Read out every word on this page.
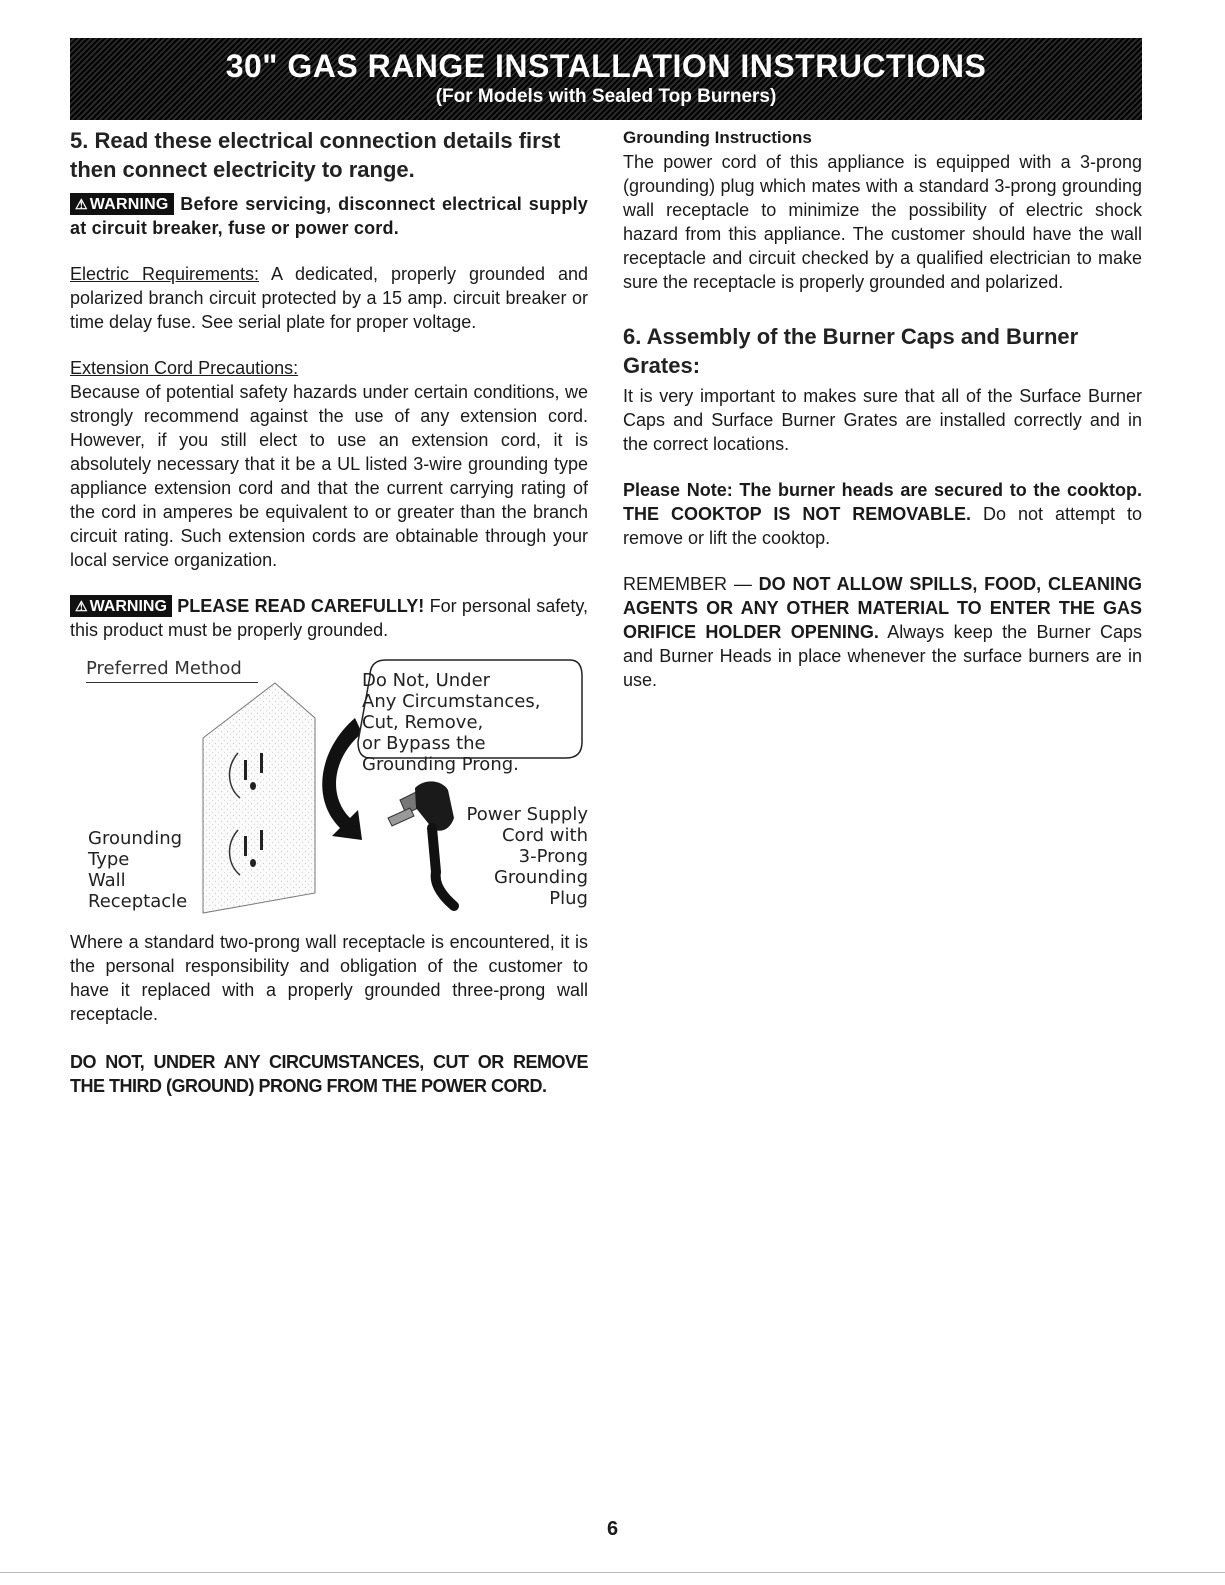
30" GAS RANGE INSTALLATION INSTRUCTIONS
(For Models with Sealed Top Burners)
5. Read these electrical connection details first then connect electricity to range.

⚠ WARNING Before servicing, disconnect electrical supply at circuit breaker, fuse or power cord.

Electric Requirements: A dedicated, properly grounded and polarized branch circuit protected by a 15 amp. circuit breaker or time delay fuse. See serial plate for proper voltage.

Extension Cord Precautions:

Because of potential safety hazards under certain conditions, we strongly recommend against the use of any extension cord. However, if you still elect to use an extension cord, it is absolutely necessary that it be a UL listed 3-wire grounding type appliance extension cord and that the current carrying rating of the cord in amperes be equivalent to or greater than the branch circuit rating. Such extension cords are obtainable through your local service organization.

⚠ WARNING PLEASE READ CAREFULLY! For personal safety, this product must be properly grounded.

Preferred Method
Do Not, Under
Any Circumstances,
Cut, Remove,
or Bypass the
Grounding Prong.
Grounding
Type
Wall
Receptacle
Power Supply
Cord with
3-Prong
Grounding
Plug

Where a standard two-prong wall receptacle is encountered, it is the personal responsibility and obligation of the customer to have it replaced with a properly grounded three-prong wall receptacle.

DO NOT, UNDER ANY CIRCUMSTANCES, CUT OR REMOVE THE THIRD (GROUND) PRONG FROM THE POWER CORD.

Grounding Instructions

The power cord of this appliance is equipped with a 3-prong (grounding) plug which mates with a standard 3-prong grounding wall receptacle to minimize the possibility of electric shock hazard from this appliance. The customer should have the wall receptacle and circuit checked by a qualified electrician to make sure the receptacle is properly grounded and polarized.

6. Assembly of the Burner Caps and Burner Grates:

It is very important to makes sure that all of the Surface Burner Caps and Surface Burner Grates are installed correctly and in the correct locations.

Please Note: The burner heads are secured to the cooktop. THE COOKTOP IS NOT REMOVABLE. Do not attempt to remove or lift the cooktop.

REMEMBER — DO NOT ALLOW SPILLS, FOOD, CLEANING AGENTS OR ANY OTHER MATERIAL TO ENTER THE GAS ORIFICE HOLDER OPENING. Always keep the Burner Caps and Burner Heads in place whenever the surface burners are in use.

6
